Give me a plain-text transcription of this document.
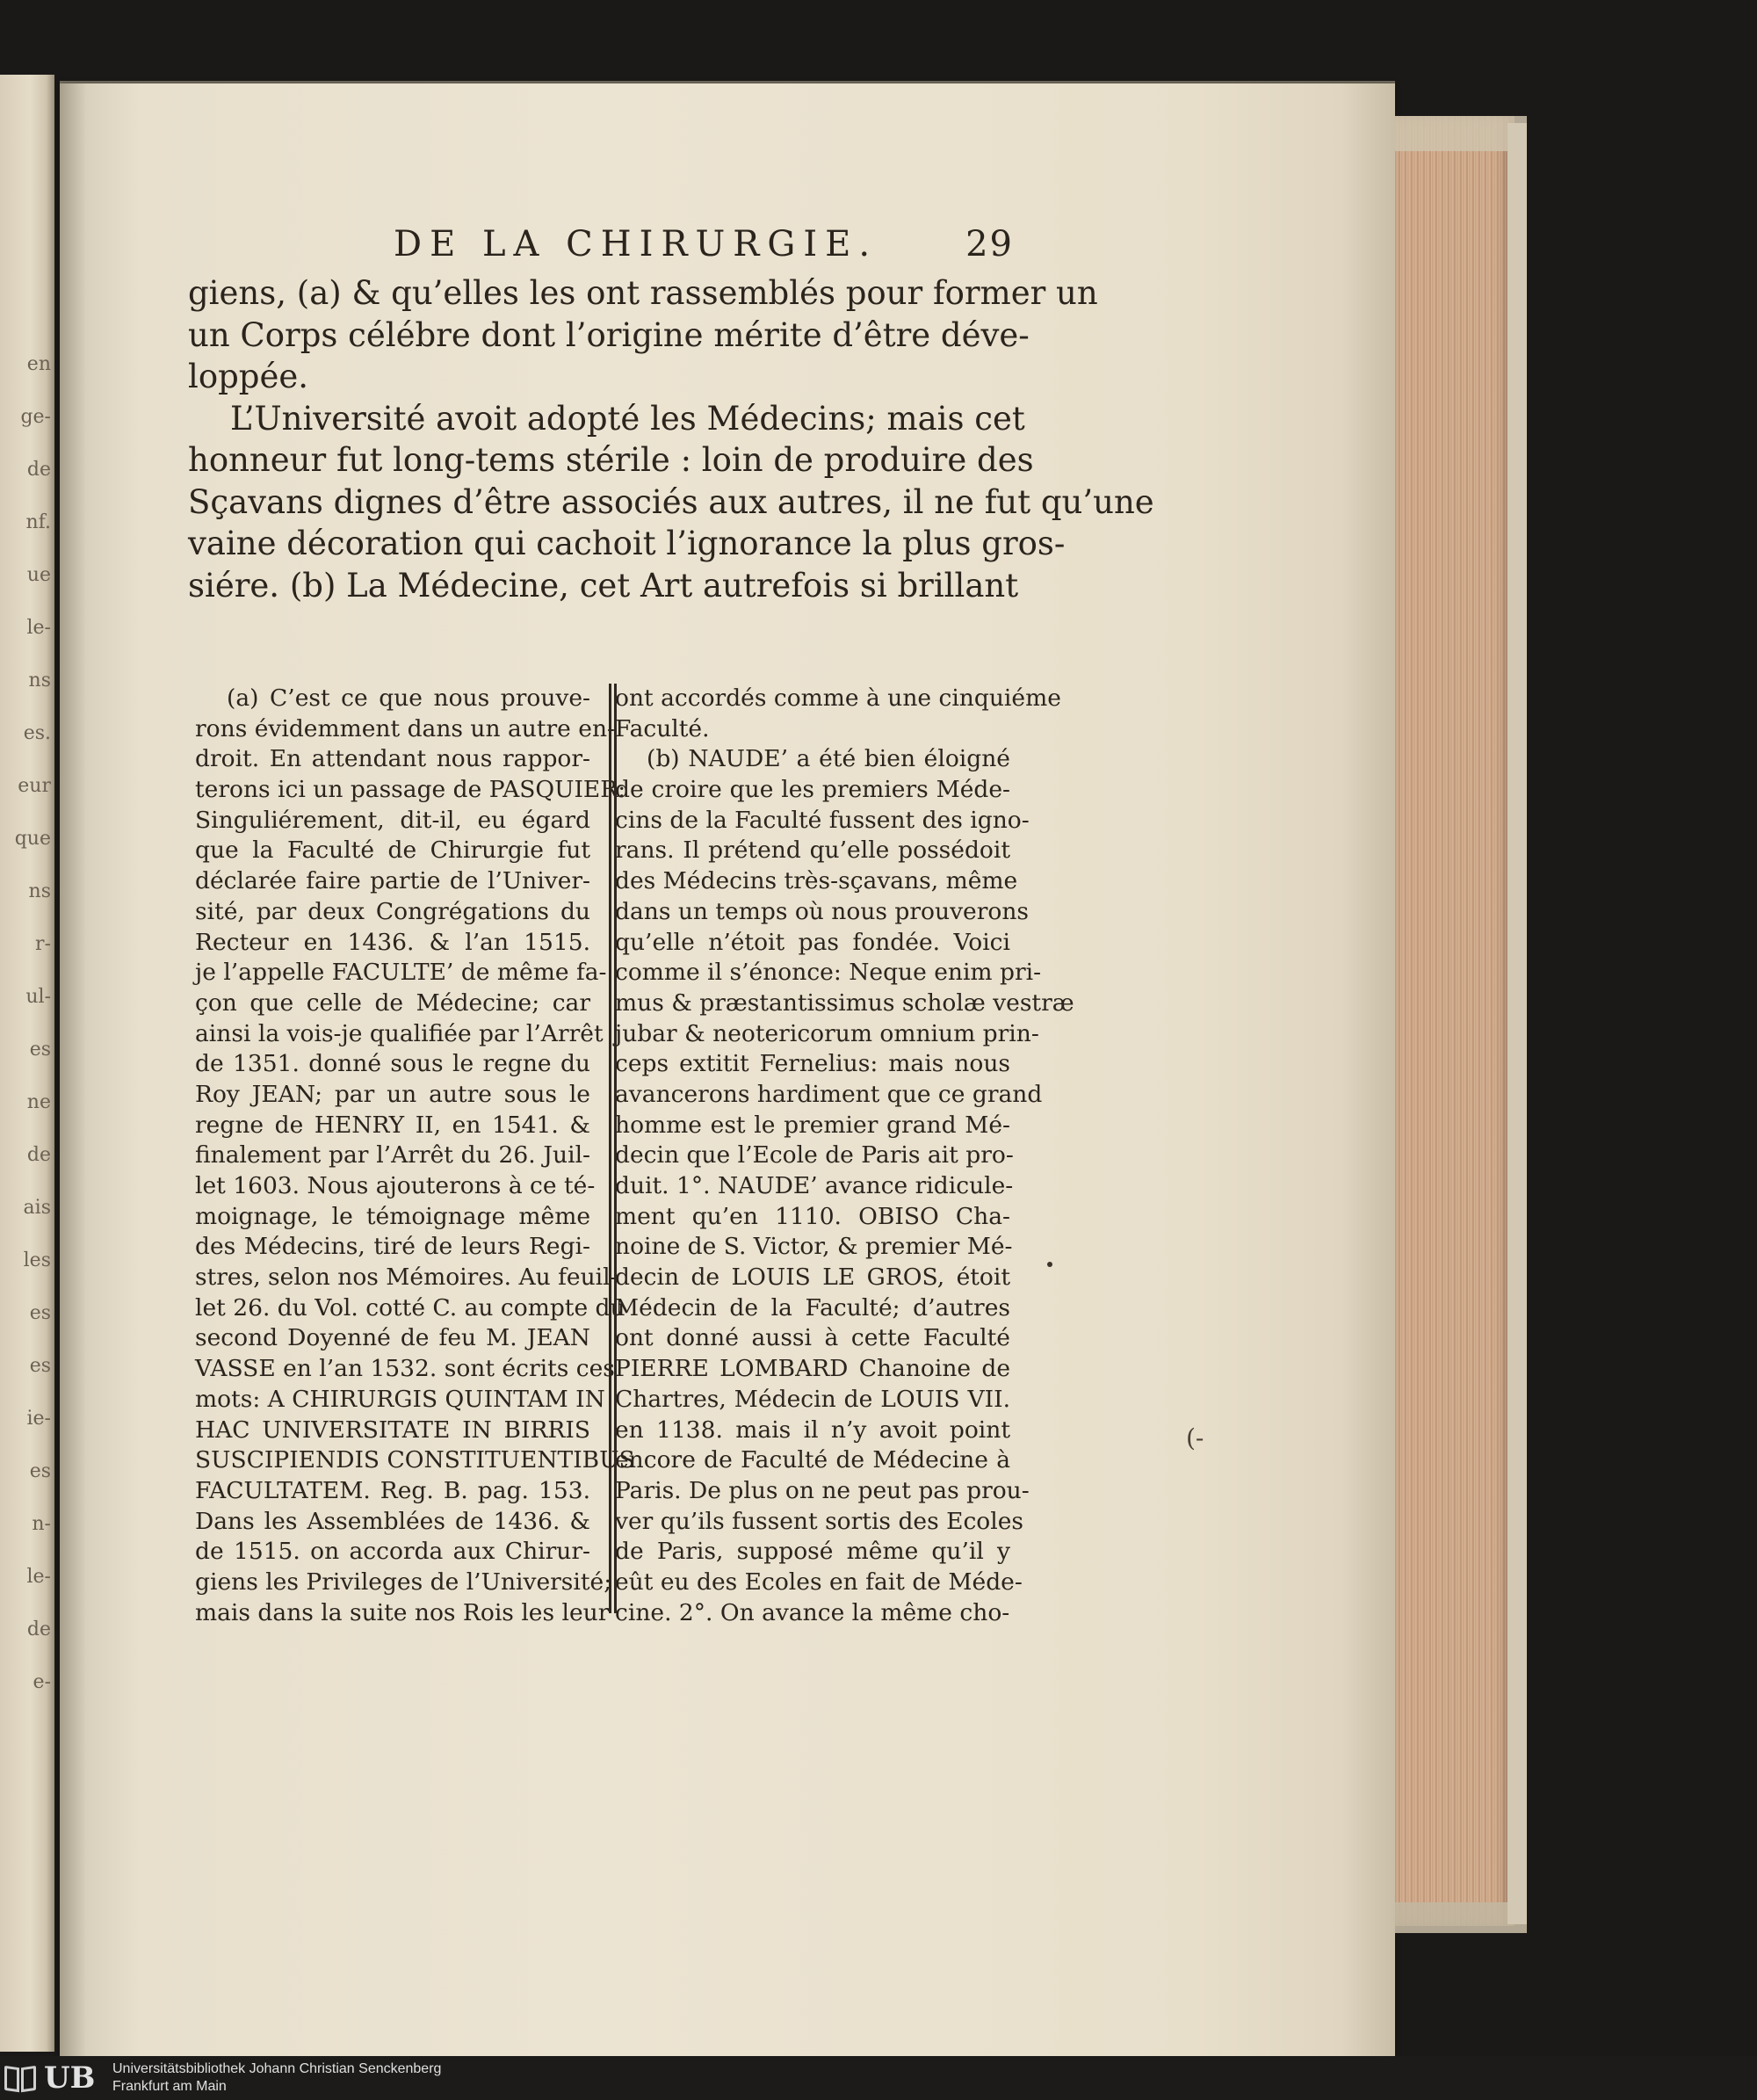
en
ge-
de
nf.
ue
le-
ns
es.
eur
que
ns
r-
ul-
es
ne
de
ais
les
es
es
ie-
es
n-
le-
de
e-
DE LA CHIRURGIE.	29
giens, (a) & qu’elles les ont rassemblés pour former un
un Corps célébre dont l’origine mérite d’être déve-
loppée.
L’Université avoit adopté les Médecins; mais cet
honneur fut long-tems stérile : loin de produire des
Sçavans dignes d’être associés aux autres, il ne fut qu’une
vaine décoration qui cachoit l’ignorance la plus gros-
siére. (b) La Médecine, cet Art autrefois si brillant
(a) C’est ce que nous prouve-
rons évidemment dans un autre en-
droit. En attendant nous rappor-
terons ici un passage de PASQUIER:
Singuliérement, dit-il, eu égard
que la Faculté de Chirurgie fut
déclarée faire partie de l’Univer-
sité, par deux Congrégations du
Recteur en 1436. & l’an 1515.
je l’appelle FACULTE’ de même fa-
çon que celle de Médecine; car
ainsi la vois-je qualifiée par l’Arrêt
de 1351. donné sous le regne du
Roy JEAN; par un autre sous le
regne de HENRY II, en 1541. &
finalement par l’Arrêt du 26. Juil-
let 1603. Nous ajouterons à ce té-
moignage, le témoignage même
des Médecins, tiré de leurs Regi-
stres, selon nos Mémoires. Au feuil-
let 26. du Vol. cotté C. au compte du
second Doyenné de feu M. JEAN
VASSE en l’an 1532. sont écrits ces
mots: A CHIRURGIS QUINTAM IN
HAC UNIVERSITATE IN BIRRIS
SUSCIPIENDIS CONSTITUENTIBUS
FACULTATEM. Reg. B. pag. 153.
Dans les Assemblées de 1436. &
de 1515. on accorda aux Chirur-
giens les Privileges de l’Université;
mais dans la suite nos Rois les leur
ont accordés comme à une cinquiéme
Faculté.
(b) NAUDE’ a été bien éloigné
de croire que les premiers Méde-
cins de la Faculté fussent des igno-
rans. Il prétend qu’elle possédoit
des Médecins très-sçavans, même
dans un temps où nous prouverons
qu’elle n’étoit pas fondée. Voici
comme il s’énonce: Neque enim pri-
mus & præstantissimus scholæ vestræ
jubar & neotericorum omnium prin-
ceps extitit Fernelius: mais nous
avancerons hardiment que ce grand
homme est le premier grand Mé-
decin que l’Ecole de Paris ait pro-
duit. 1°. NAUDE’ avance ridicule-
ment qu’en 1110. OBISO Cha-
noine de S. Victor, & premier Mé-
decin de LOUIS LE GROS, étoit
Médecin de la Faculté; d’autres
ont donné aussi à cette Faculté
PIERRE LOMBARD Chanoine de
Chartres, Médecin de LOUIS VII.
en 1138. mais il n’y avoit point
encore de Faculté de Médecine à
Paris. De plus on ne peut pas prou-
ver qu’ils fussent sortis des Ecoles
de Paris, supposé même qu’il y
eût eu des Ecoles en fait de Méde-
cine. 2°. On avance la même cho-
(-
UB Universitätsbibliothek Johann Christian Senckenberg
Frankfurt am Main
